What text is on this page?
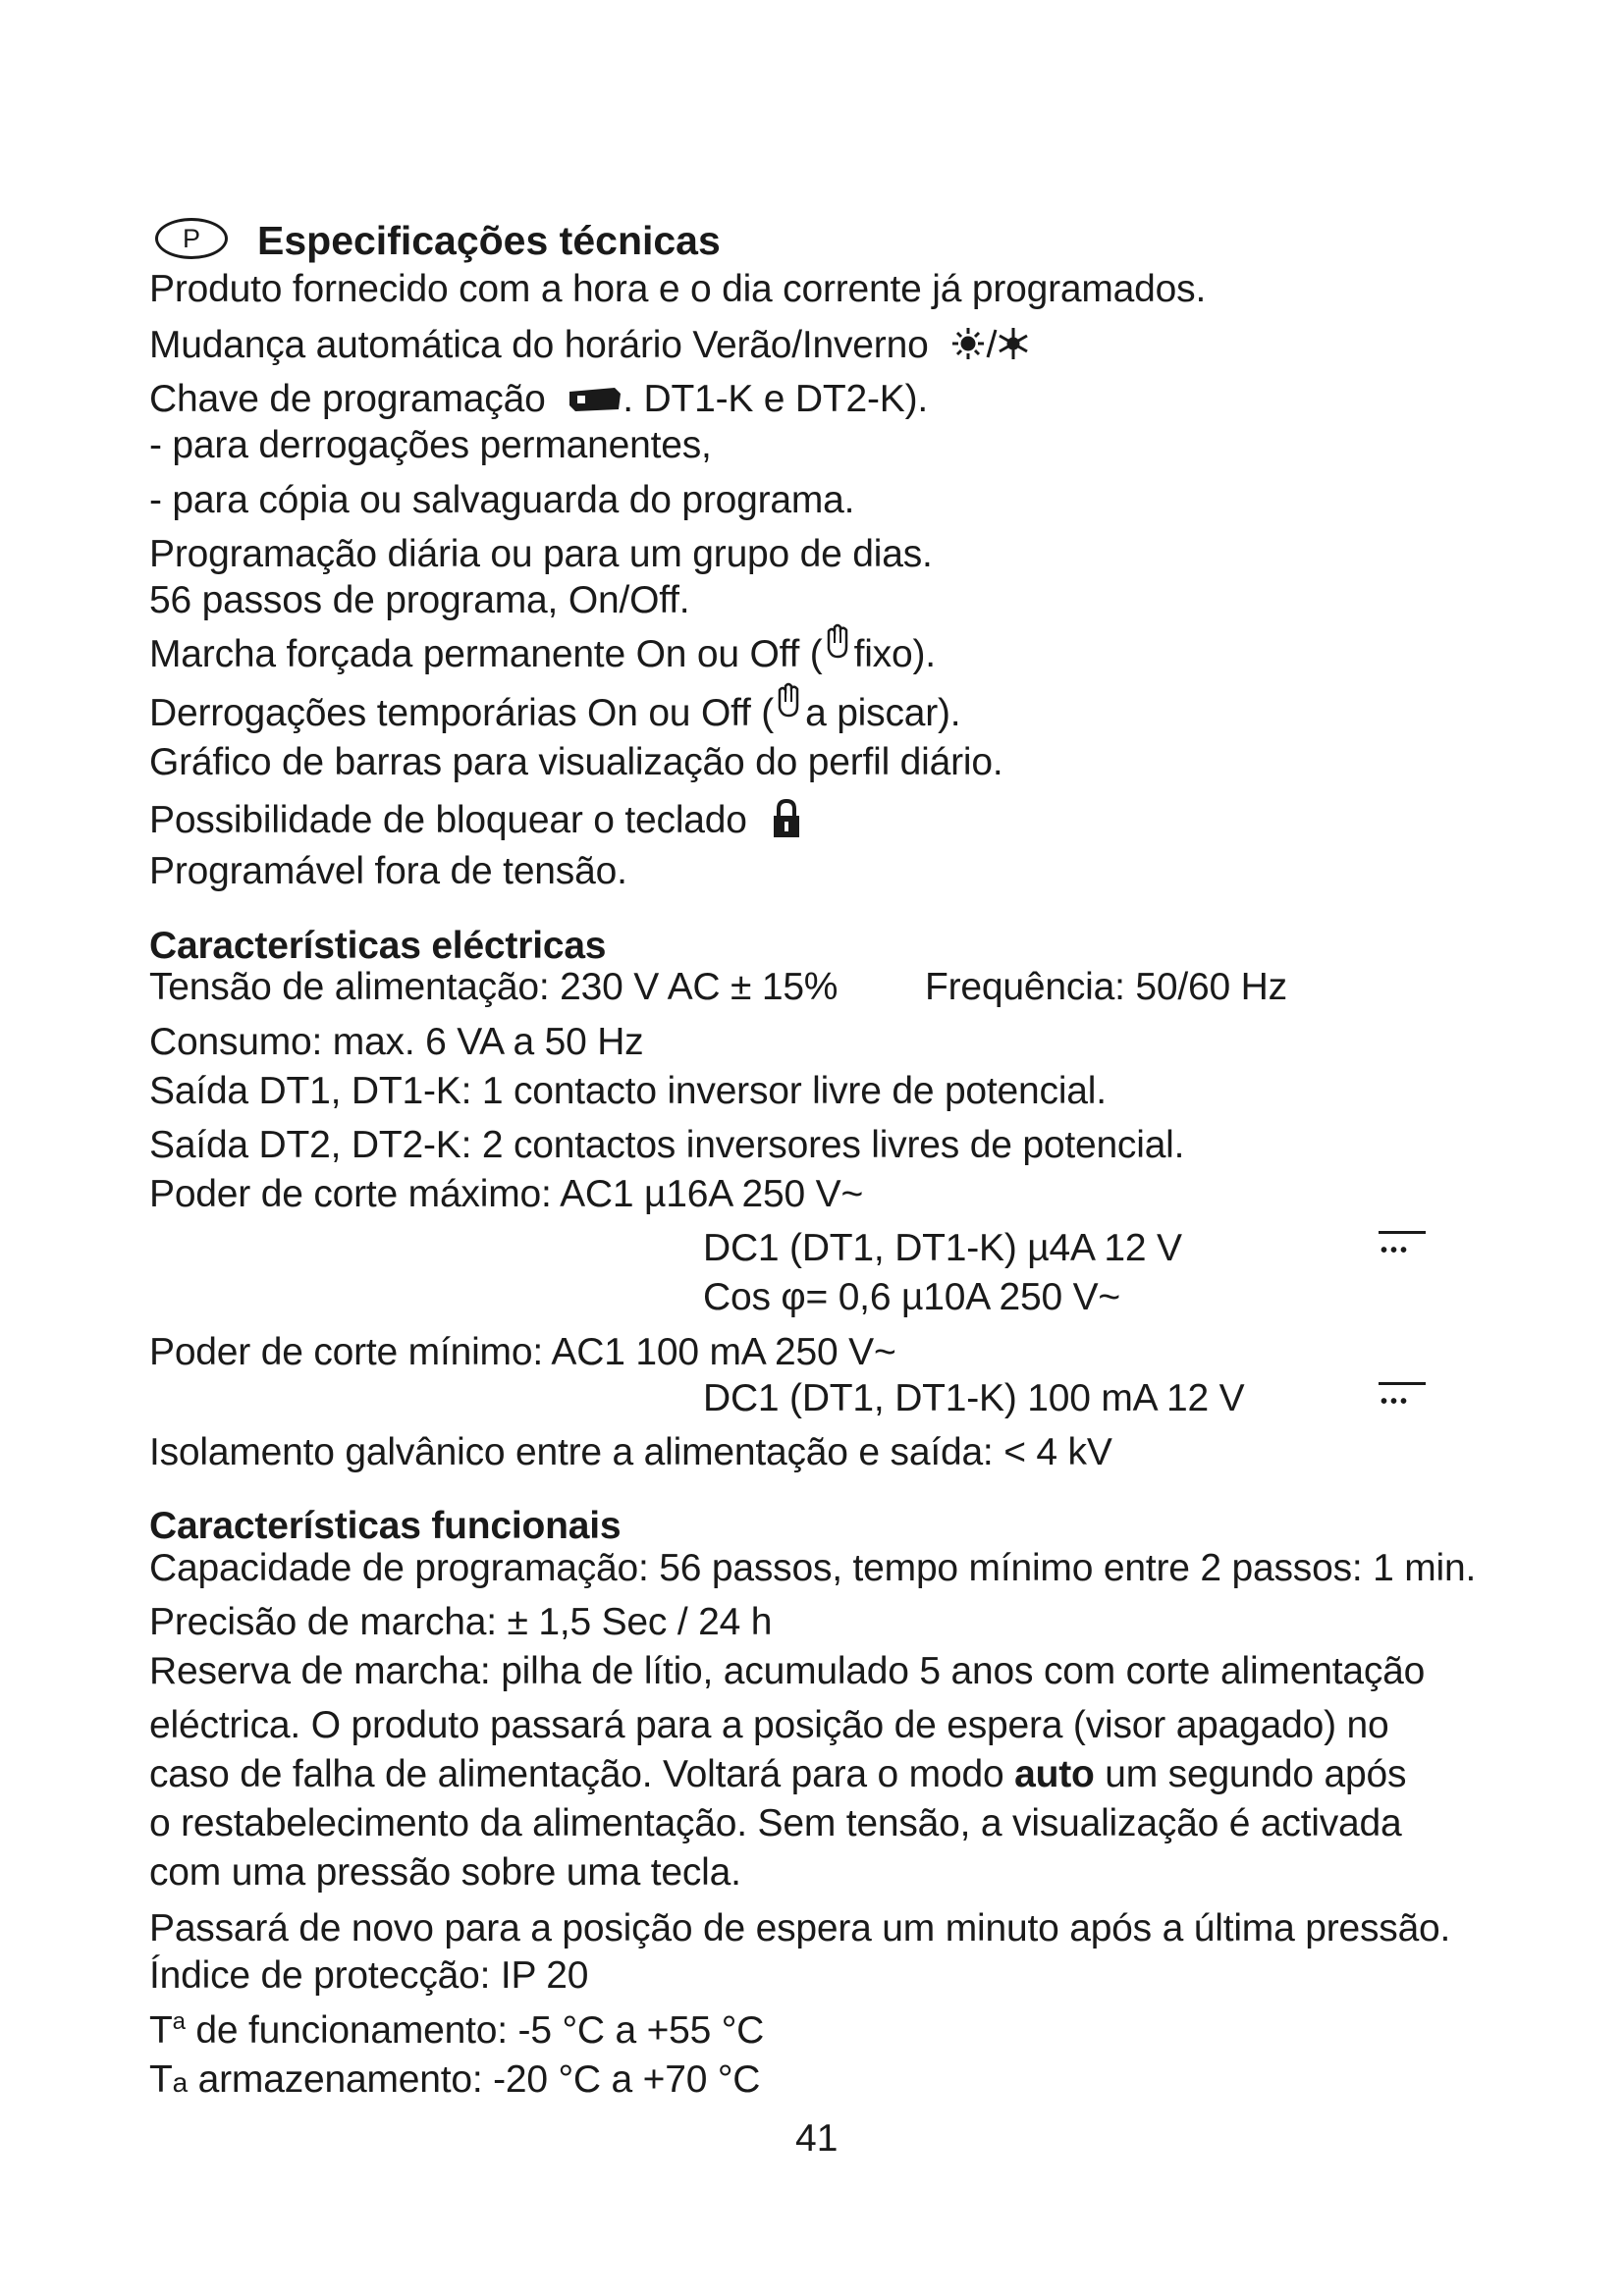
P	Especificações técnicas
Produto fornecido com a hora e o dia corrente já programados.
Mudança automática do horário Verão/Inverno
Chave de programação . DT1-K e DT2-K).
- para derrogações permanentes,
- para cópia ou salvaguarda do programa.
Programação diária ou para um grupo de dias.
56 passos de programa, On/Off.
Marcha forçada permanente On ou Off ( fixo).
Derrogações temporárias On ou Off ( a piscar).
Gráfico de barras para visualização do perfil diário.
Possibilidade de bloquear o teclado
Programável fora de tensão.
Características eléctricas
Tensão de alimentação: 230 V AC ± 15% Frequência: 50/60 Hz
Consumo: max. 6 VA a 50 Hz
Saída DT1, DT1-K: 1 contacto inversor livre de potencial.
Saída DT2, DT2-K: 2 contactos inversores livres de potencial.
Poder de corte máximo: AC1 µ16A 250 V~
DC1 (DT1, DT1-K) µ4A 12 V	•••
Cos φ= 0,6 µ10A 250 V~
Poder de corte mínimo: AC1 100 mA 250 V~
DC1 (DT1, DT1-K) 100 mA 12 V	•••
Isolamento galvânico entre a alimentação e saída: < 4 kV
Características funcionais
Capacidade de programação: 56 passos, tempo mínimo entre 2 passos: 1 min.
Precisão de marcha: ± 1,5 Sec / 24 h
Reserva de marcha: pilha de lítio, acumulado 5 anos com corte alimentação
eléctrica. O produto passará para a posição de espera (visor apagado) no
caso de falha de alimentação. Voltará para o modo auto um segundo após
o restabelecimento da alimentação. Sem tensão, a visualização é activada
com uma pressão sobre uma tecla.
Passará de novo para a posição de espera um minuto após a última pressão.
Índice de protecção: IP 20
$T^a$ de funcionamento: -5 °C a +55 °C
Ta armazenamento: -20 °C a +70 °C
41
